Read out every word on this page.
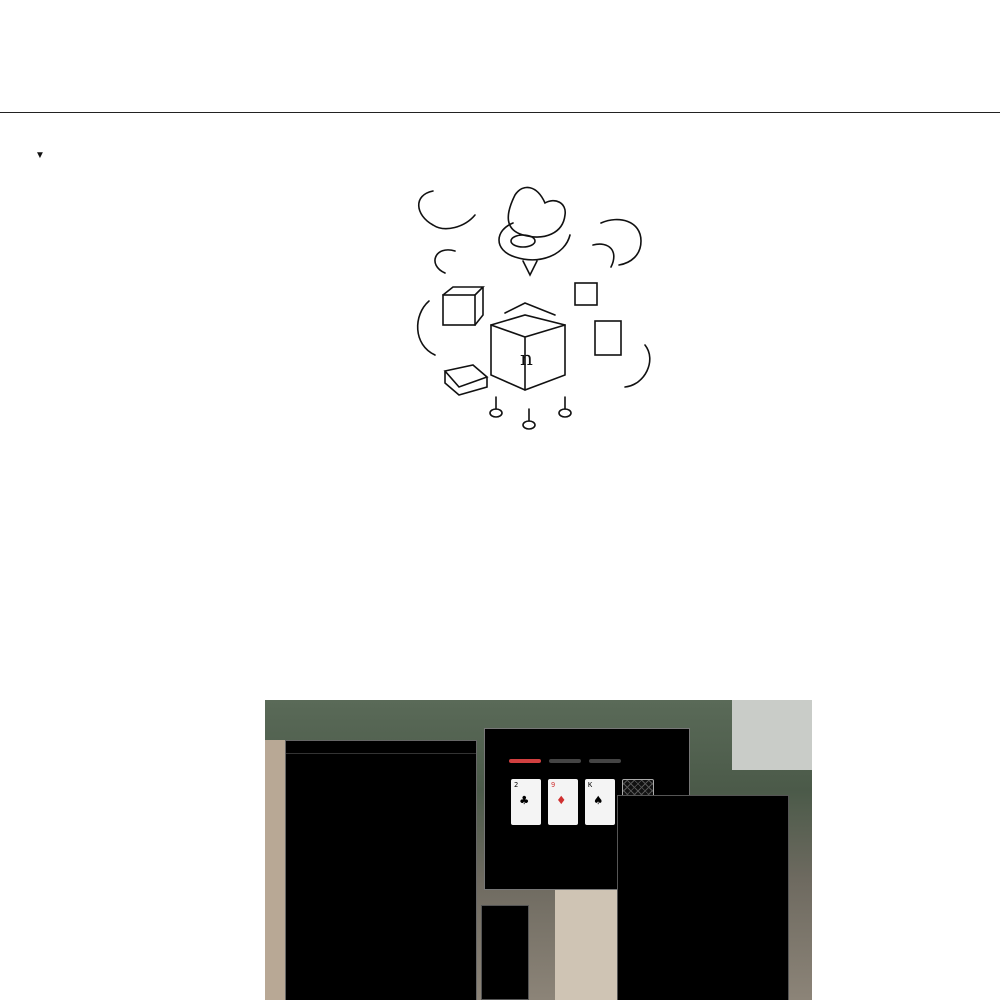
▼
n

2
♣
9
♦
K
♠
